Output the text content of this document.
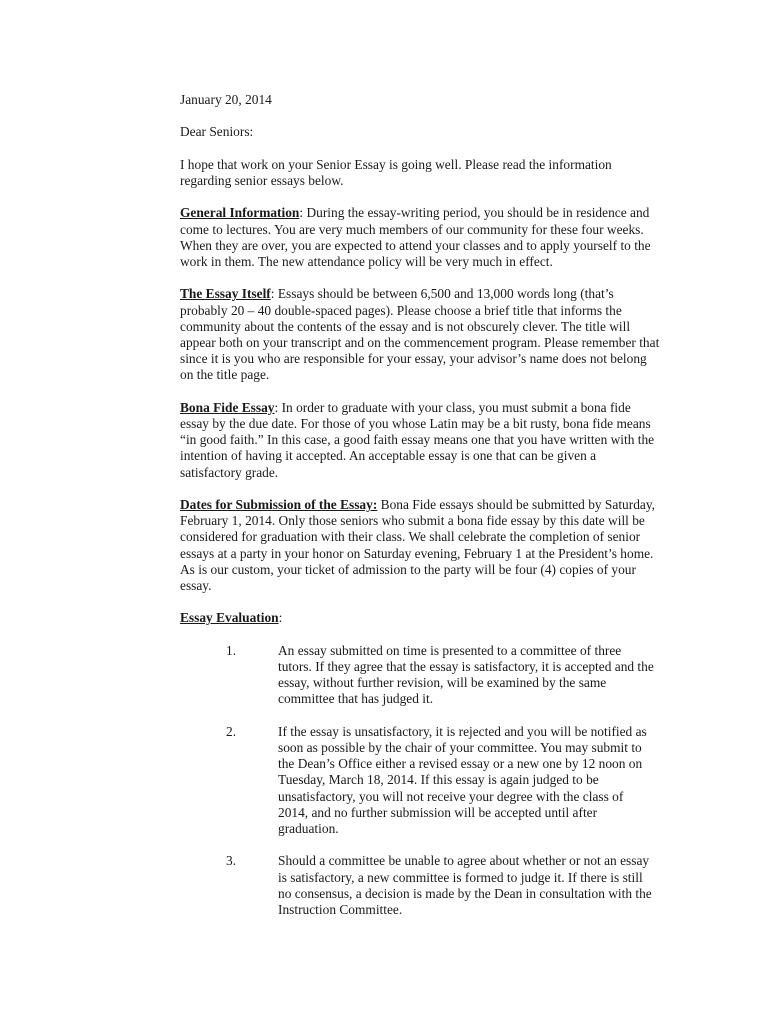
January 20, 2014

Dear Seniors:

I hope that work on your Senior Essay is going well. Please read the information regarding senior essays below.

General Information: During the essay-writing period, you should be in residence and come to lectures. You are very much members of our community for these four weeks. When they are over, you are expected to attend your classes and to apply yourself to the work in them. The new attendance policy will be very much in effect.

The Essay Itself: Essays should be between 6,500 and 13,000 words long (that’s probably 20 – 40 double-spaced pages). Please choose a brief title that informs the community about the contents of the essay and is not obscurely clever. The title will appear both on your transcript and on the commencement program. Please remember that since it is you who are responsible for your essay, your advisor’s name does not belong on the title page.

Bona Fide Essay: In order to graduate with your class, you must submit a bona fide essay by the due date. For those of you whose Latin may be a bit rusty, bona fide means “in good faith.” In this case, a good faith essay means one that you have written with the intention of having it accepted. An acceptable essay is one that can be given a satisfactory grade.

Dates for Submission of the Essay: Bona Fide essays should be submitted by Saturday, February 1, 2014. Only those seniors who submit a bona fide essay by this date will be considered for graduation with their class. We shall celebrate the completion of senior essays at a party in your honor on Saturday evening, February 1 at the President’s home. As is our custom, your ticket of admission to the party will be four (4) copies of your essay.

Essay Evaluation:

1.	An essay submitted on time is presented to a committee of three tutors. If they agree that the essay is satisfactory, it is accepted and the essay, without further revision, will be examined by the same committee that has judged it.
2.	If the essay is unsatisfactory, it is rejected and you will be notified as soon as possible by the chair of your committee. You may submit to the Dean’s Office either a revised essay or a new one by 12 noon on Tuesday, March 18, 2014. If this essay is again judged to be unsatisfactory, you will not receive your degree with the class of 2014, and no further submission will be accepted until after graduation.
3.	Should a committee be unable to agree about whether or not an essay is satisfactory, a new committee is formed to judge it. If there is still no consensus, a decision is made by the Dean in consultation with the Instruction Committee.
